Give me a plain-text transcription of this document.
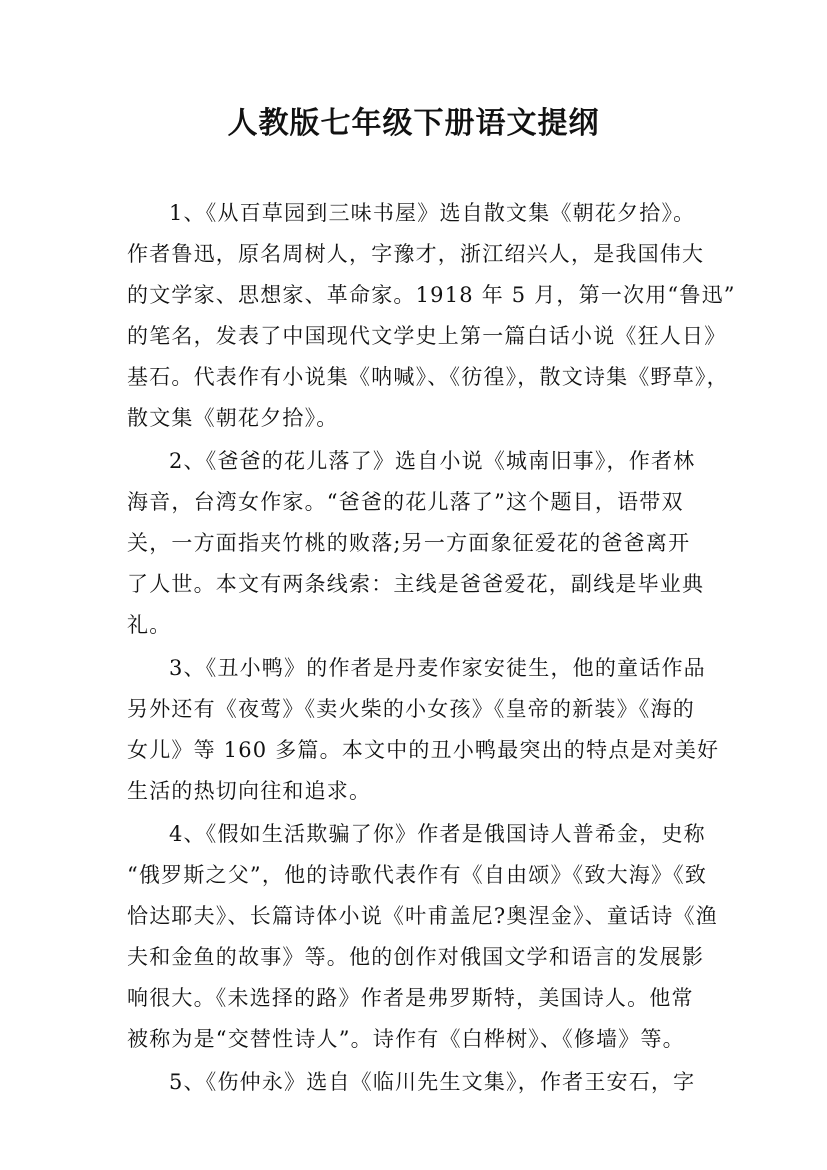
人教版七年级下册语文提纲
1、《从百草园到三味书屋》选自散文集《朝花夕拾》。
作者鲁迅，原名周树人，字豫才，浙江绍兴人，是我国伟大
的文学家、思想家、革命家。1918 年 5 月，第一次用“鲁迅”
的笔名，发表了中国现代文学史上第一篇白话小说《狂人日》
基石。代表作有小说集《呐喊》、《彷徨》，散文诗集《野草》，
散文集《朝花夕拾》。
2、《爸爸的花儿落了》选自小说《城南旧事》，作者林
海音，台湾女作家。“爸爸的花儿落了”这个题目，语带双
关，一方面指夹竹桃的败落;另一方面象征爱花的爸爸离开
了人世。本文有两条线索：主线是爸爸爱花，副线是毕业典
礼。
3、《丑小鸭》的作者是丹麦作家安徒生，他的童话作品
另外还有《夜莺》《卖火柴的小女孩》《皇帝的新装》《海的
女儿》等 160 多篇。本文中的丑小鸭最突出的特点是对美好
生活的热切向往和追求。
4、《假如生活欺骗了你》作者是俄国诗人普希金，史称
“俄罗斯之父”，他的诗歌代表作有《自由颂》《致大海》《致
恰达耶夫》、长篇诗体小说《叶甫盖尼?奥涅金》、童话诗《渔
夫和金鱼的故事》等。他的创作对俄国文学和语言的发展影
响很大。《未选择的路》作者是弗罗斯特，美国诗人。他常
被称为是“交替性诗人”。诗作有《白桦树》、《修墙》等。
5、《伤仲永》选自《临川先生文集》，作者王安石，字
